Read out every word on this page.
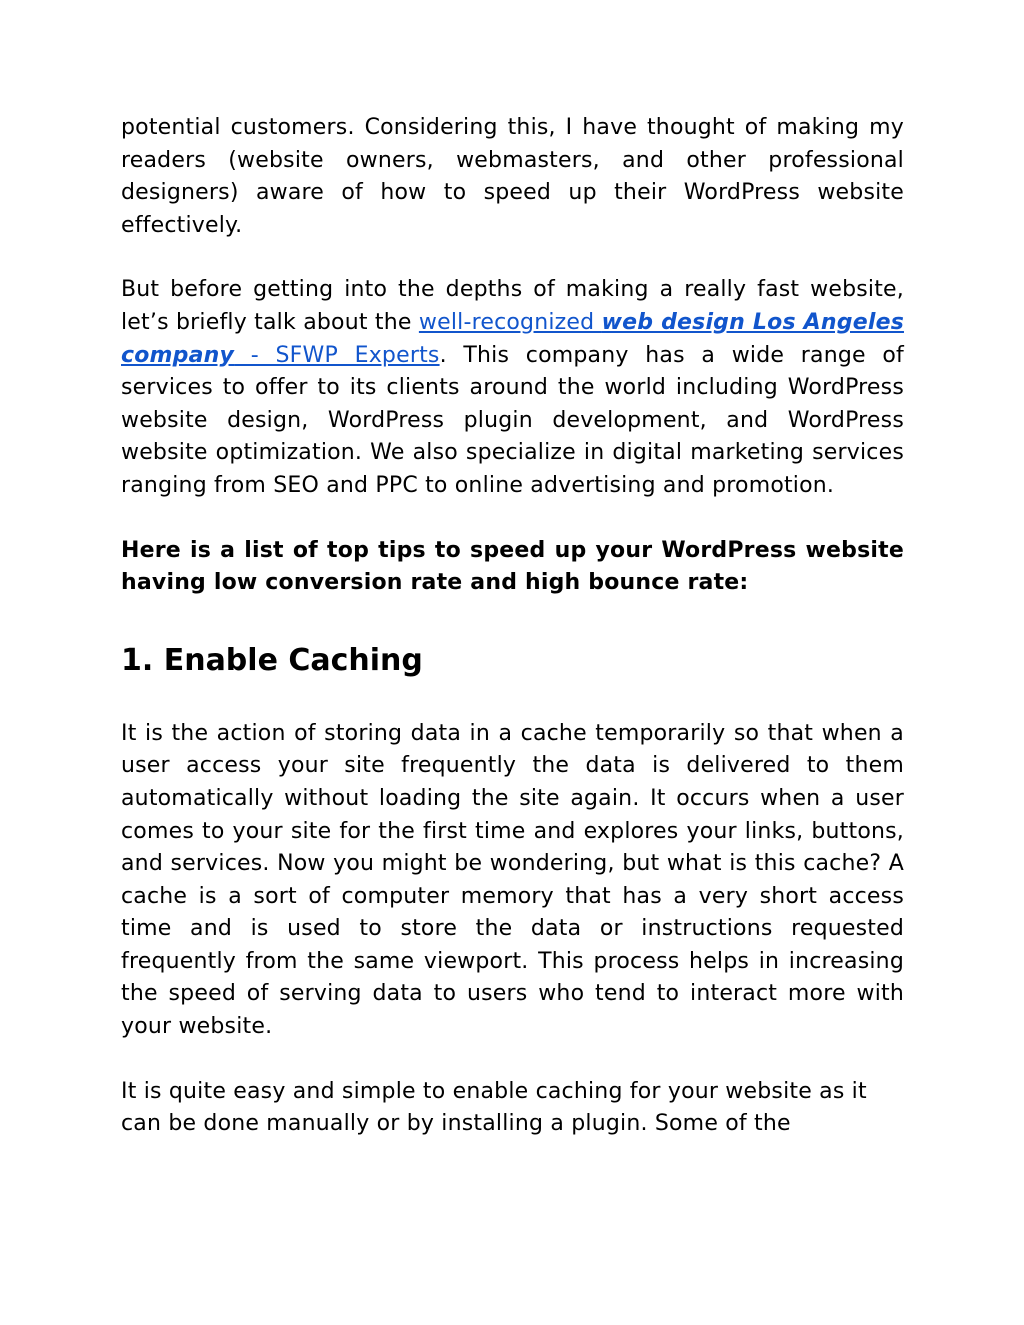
potential customers. Considering this, I have thought of making my readers (website owners, webmasters, and other professional designers) aware of how to speed up their WordPress website effectively.

But before getting into the depths of making a really fast website, let’s briefly talk about the well-recognized web design Los Angeles company - SFWP Experts. This company has a wide range of services to offer to its clients around the world including WordPress website design, WordPress plugin development, and WordPress website optimization. We also specialize in digital marketing services ranging from SEO and PPC to online advertising and promotion.

Here is a list of top tips to speed up your WordPress website having low conversion rate and high bounce rate:

1. Enable Caching

It is the action of storing data in a cache temporarily so that when a user access your site frequently the data is delivered to them automatically without loading the site again. It occurs when a user comes to your site for the first time and explores your links, buttons, and services. Now you might be wondering, but what is this cache? A cache is a sort of computer memory that has a very short access time and is used to store the data or instructions requested frequently from the same viewport. This process helps in increasing the speed of serving data to users who tend to interact more with your website.

It is quite easy and simple to enable caching for your website as it can be done manually or by installing a plugin. Some of the
